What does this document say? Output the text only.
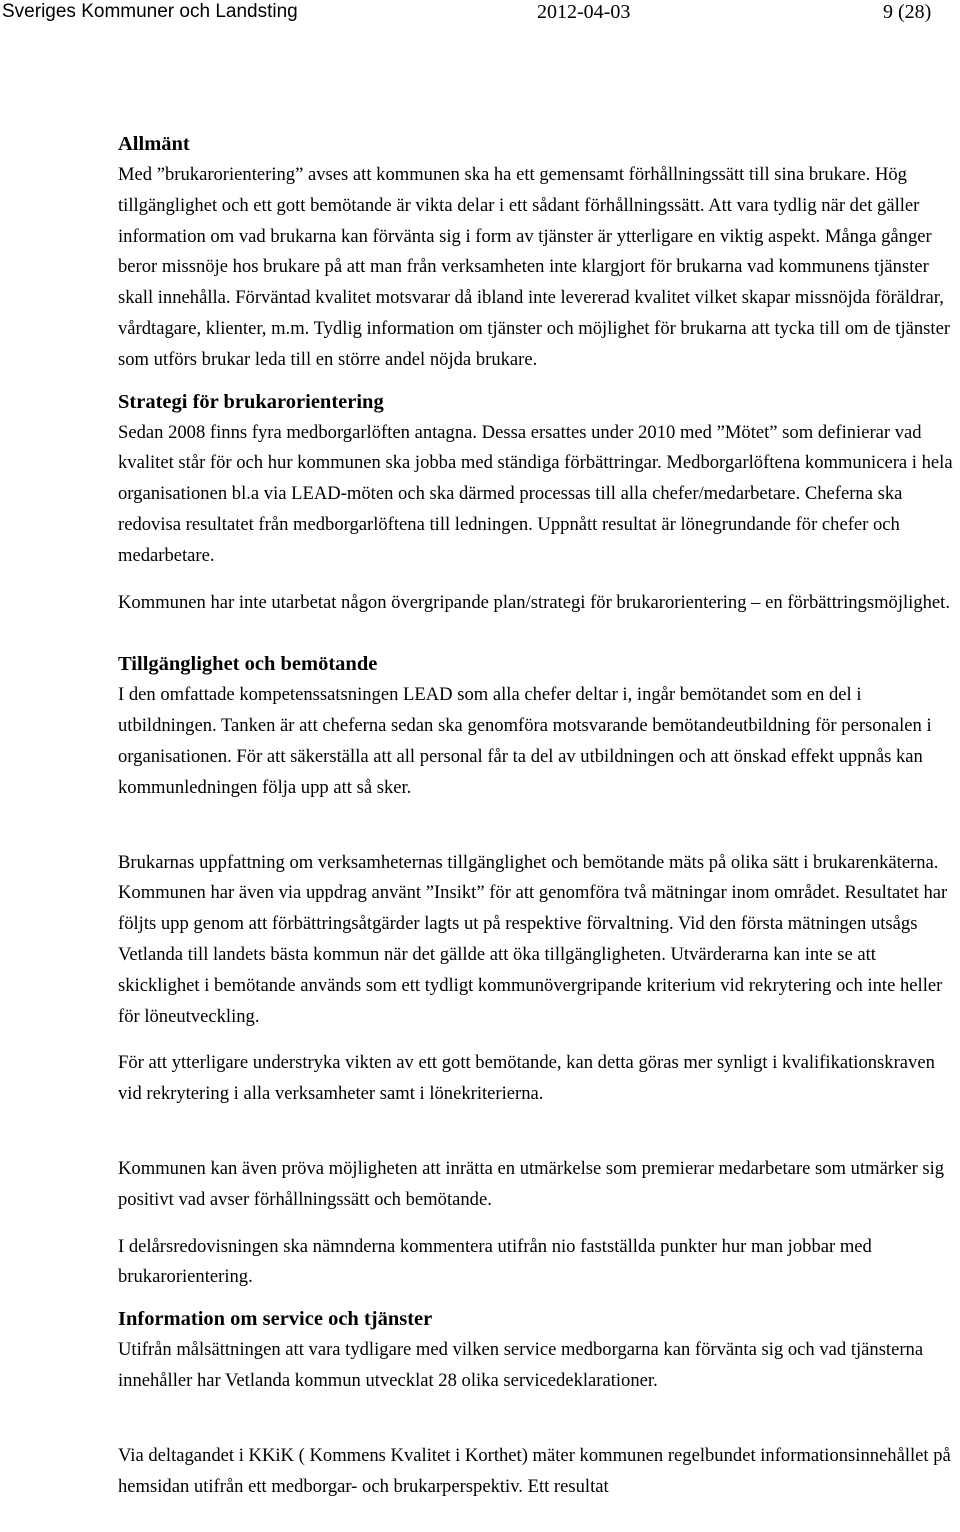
Sveriges Kommuner och Landsting	2012-04-03	9 (28)
Allmänt

Med ”brukarorientering” avses att kommunen ska ha ett gemensamt förhållningssätt till sina brukare. Hög tillgänglighet och ett gott bemötande är vikta delar i ett sådant förhållningssätt. Att vara tydlig när det gäller information om vad brukarna kan förvänta sig i form av tjänster är ytterligare en viktig aspekt. Många gånger beror missnöje hos brukare på att man från verksamheten inte klargjort för brukarna vad kommunens tjänster skall innehålla. Förväntad kvalitet motsvarar då ibland inte levererad kvalitet vilket skapar missnöjda föräldrar, vårdtagare, klienter, m.m. Tydlig information om tjänster och möjlighet för brukarna att tycka till om de tjänster som utförs brukar leda till en större andel nöjda brukare.

Strategi för brukarorientering

Sedan 2008 finns fyra medborgarlöften antagna. Dessa ersattes under 2010 med ”Mötet” som definierar vad kvalitet står för och hur kommunen ska jobba med ständiga förbättringar. Medborgarlöftena kommunicera i hela organisationen bl.a via LEAD-möten och ska därmed processas till alla chefer/medarbetare. Cheferna ska redovisa resultatet från medborgarlöftena till ledningen. Uppnått resultat är lönegrundande för chefer och medarbetare.

Kommunen har inte utarbetat någon övergripande plan/strategi för brukarorientering – en förbättringsmöjlighet.

Tillgänglighet och bemötande

I den omfattade kompetenssatsningen LEAD som alla chefer deltar i, ingår bemötandet som en del i utbildningen. Tanken är att cheferna sedan ska genomföra motsvarande bemötandeutbildning för personalen i organisationen. För att säkerställa att all personal får ta del av utbildningen och att önskad effekt uppnås kan kommunledningen följa upp att så sker.

Brukarnas uppfattning om verksamheternas tillgänglighet och bemötande mäts på olika sätt i brukarenkäterna. Kommunen har även via uppdrag använt ”Insikt” för att genomföra två mätningar inom området. Resultatet har följts upp genom att förbättringsåtgärder lagts ut på respektive förvaltning. Vid den första mätningen utsågs Vetlanda till landets bästa kommun när det gällde att öka tillgängligheten. Utvärderarna kan inte se att skicklighet i bemötande används som ett tydligt kommunövergripande kriterium vid rekrytering och inte heller för löneutveckling.

För att ytterligare understryka vikten av ett gott bemötande, kan detta göras mer synligt i kvalifikationskraven vid rekrytering i alla verksamheter samt i lönekriterierna.

Kommunen kan även pröva möjligheten att inrätta en utmärkelse som premierar medarbetare som utmärker sig positivt vad avser förhållningssätt och bemötande.

I delårsredovisningen ska nämnderna kommentera utifrån nio fastställda punkter hur man jobbar med brukarorientering.

Information om service och tjänster

Utifrån målsättningen att vara tydligare med vilken service medborgarna kan förvänta sig och vad tjänsterna innehåller har Vetlanda kommun utvecklat 28 olika servicedeklarationer.

Via deltagandet i KKiK ( Kommens Kvalitet i Korthet) mäter kommunen regelbundet informationsinnehållet på hemsidan utifrån ett medborgar- och brukarperspektiv. Ett resultat
